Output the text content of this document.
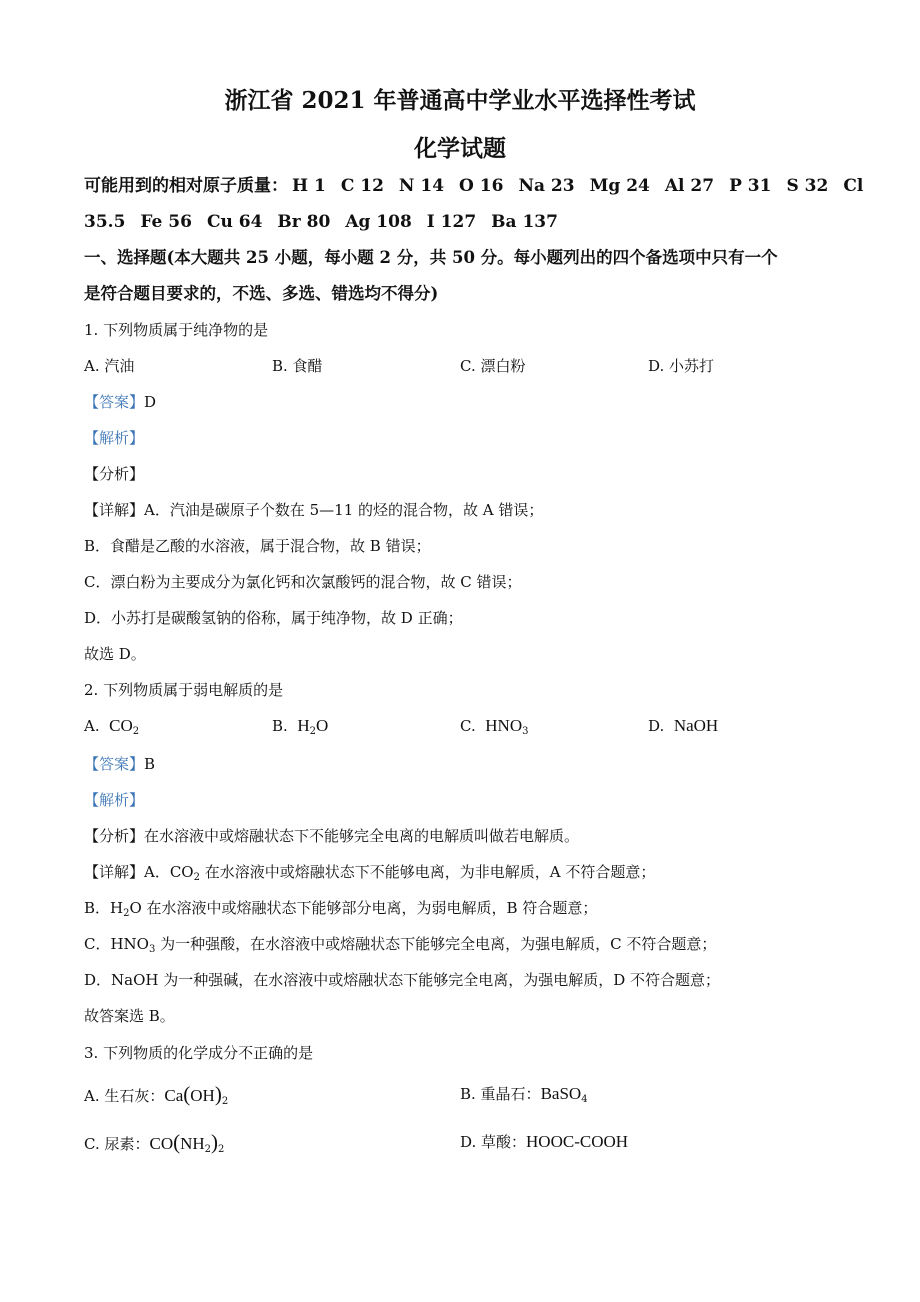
浙江省 2021 年普通高中学业水平选择性考试
化学试题
可能用到的相对原子质量： H 1 C 12 N 14 O 16 Na 23 Mg 24 Al 27 P 31 S 32 Cl
35.5 Fe 56 Cu 64 Br 80 Ag 108 I 127 Ba 137
一、选择题(本大题共 25 小题，每小题 2 分，共 50 分。每小题列出的四个备选项中只有一个
是符合题目要求的，不选、多选、错选均不得分)
1. 下列物质属于纯净物的是
A. 汽油	B. 食醋	C. 漂白粉	D. 小苏打
【答案】D
【解析】
【分析】
【详解】A．汽油是碳原子个数在 5—11 的烃的混合物，故 A 错误；
B．食醋是乙酸的水溶液，属于混合物，故 B 错误；
C．漂白粉为主要成分为氯化钙和次氯酸钙的混合物，故 C 错误；
D．小苏打是碳酸氢钠的俗称，属于纯净物，故 D 正确；
故选 D。
2. 下列物质属于弱电解质的是
A. $CO_2$	B. $H_2O$	C. $HNO_3$	D. NaOH
【答案】B
【解析】
【分析】在水溶液中或熔融状态下不能够完全电离的电解质叫做若电解质。
【详解】A．$CO_2$ 在水溶液中或熔融状态下不能够电离，为非电解质，A 不符合题意；
B．$H_2O$ 在水溶液中或熔融状态下能够部分电离，为弱电解质，B 符合题意；
C．$HNO_3$ 为一种强酸，在水溶液中或熔融状态下能够完全电离，为强电解质，C 不符合题意；
D．NaOH 为一种强碱，在水溶液中或熔融状态下能够完全电离，为强电解质，D 不符合题意；
故答案选 B。
3. 下列物质的化学成分不正确的是
A. 生石灰：$Ca(OH)_2$	B. 重晶石：BaSO$_4$
C. 尿素：$CO(NH_2)_2$	D. 草酸：HOOC-COOH
